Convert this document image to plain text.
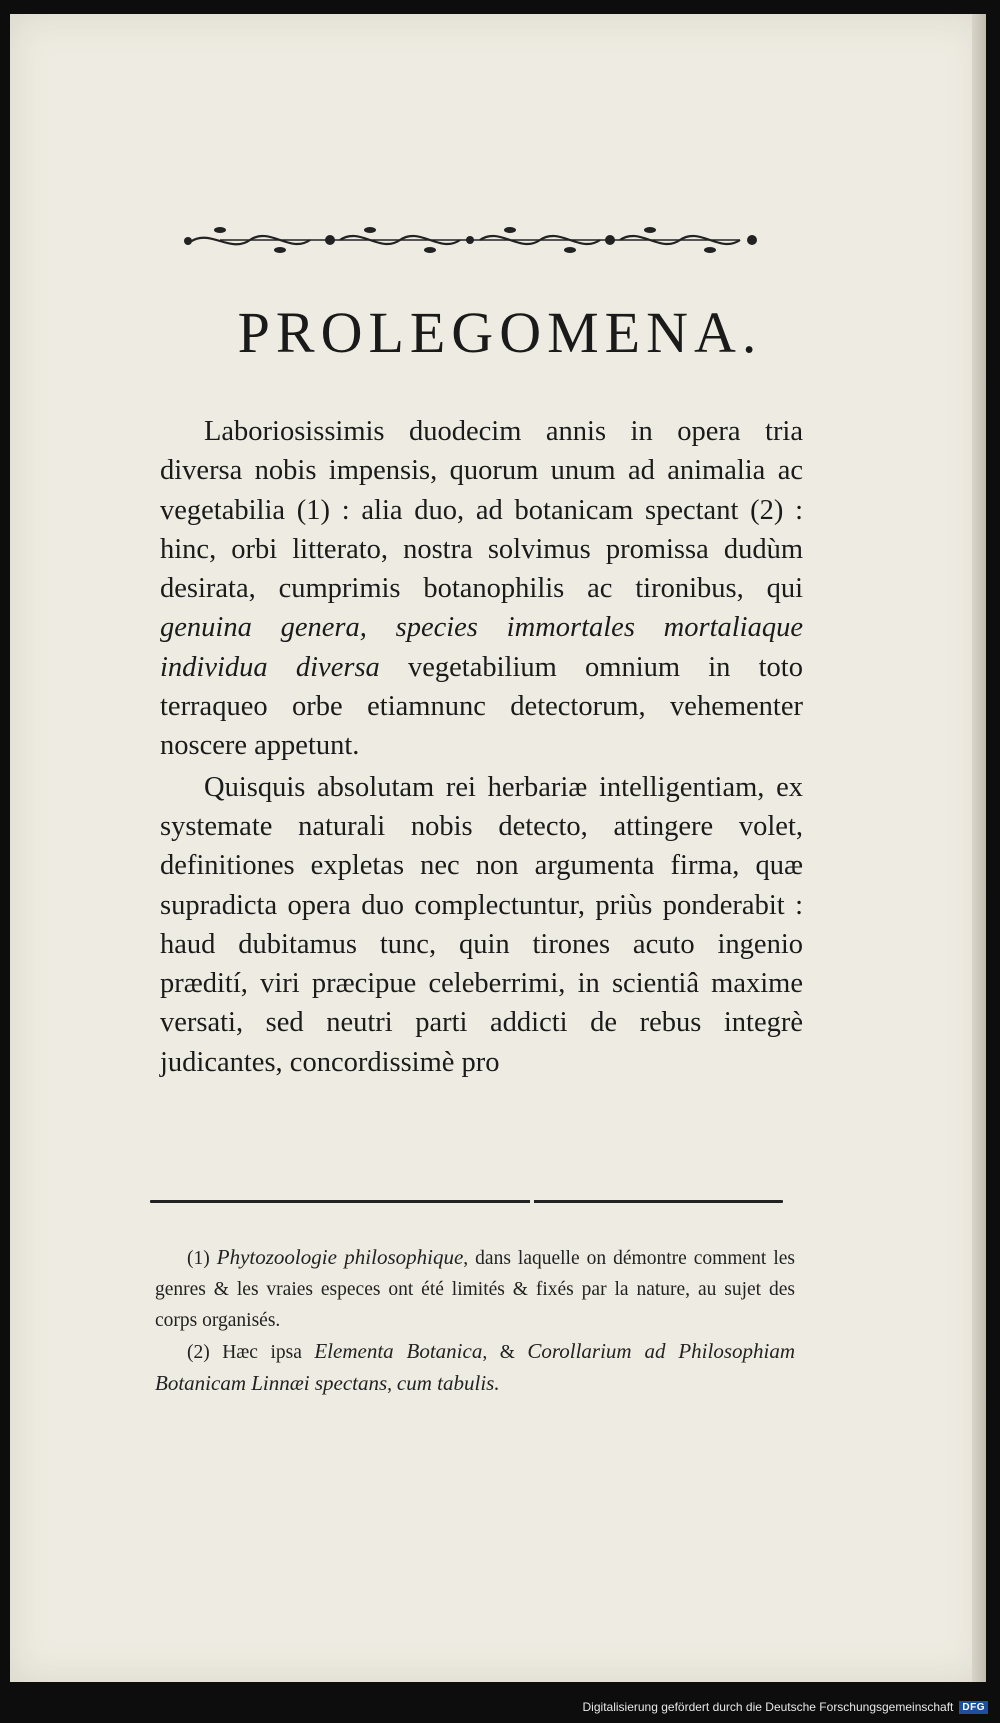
PROLEGOMENA.

Laboriosissimis duodecim annis in opera tria diversa nobis impensis, quorum unum ad animalia ac vegetabilia (1) : alia duo, ad botanicam spectant (2) : hinc, orbi litterato, nostra solvimus promissa dudùm desirata, cumprimis botanophilis ac tironibus, qui genuina genera, species immortales mortaliaque individua diversa vegetabilium omnium in toto terraqueo orbe etiamnunc detectorum, vehementer noscere appetunt.

Quisquis absolutam rei herbariæ intelligentiam, ex systemate naturali nobis detecto, attingere volet, definitiones expletas nec non argumenta firma, quæ supradicta opera duo complectuntur, priùs ponderabit : haud dubitamus tunc, quin tirones acuto ingenio prædití, viri præcipue celeberrimi, in scientiâ maxime versati, sed neutri parti addicti de rebus integrè judicantes, concordissimè pro

(1) Phytozoologie philosophique, dans laquelle on démontre comment les genres & les vraies especes ont été limités & fixés par la nature, au sujet des corps organisés.

(2) Hæc ipsa Elementa Botanica, & Corollarium ad Philosophiam Botanicam Linnæi spectans, cum tabulis.

Digitalisierung gefördert durch die Deutsche Forschungsgemeinschaft DFG
